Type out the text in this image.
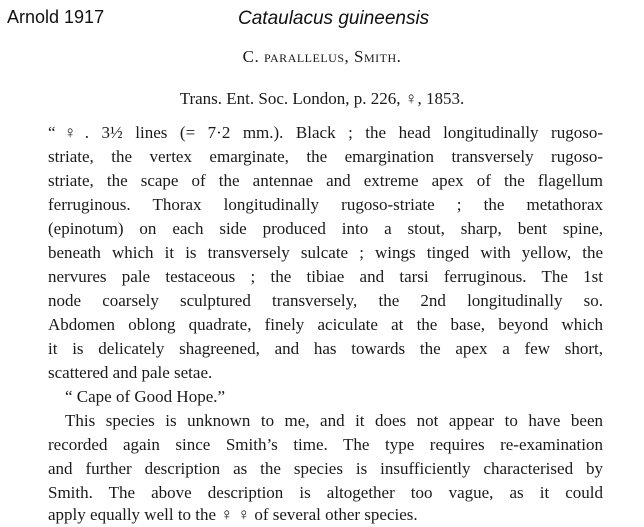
Arnold 1917	Cataulacus guineensis
C. parallelus, Smith.
Trans. Ent. Soc. London, p. 226, ♀, 1853.
“♀. 3½ lines (= 7·2 mm.). Black ; the head longitudinally rugoso-
striate, the vertex emarginate, the emargination transversely rugoso-
striate, the scape of the antennae and extreme apex of the flagellum
ferruginous. Thorax longitudinally rugoso-striate ; the metathorax
(epinotum) on each side produced into a stout, sharp, bent spine,
beneath which it is transversely sulcate ; wings tinged with yellow, the
nervures pale testaceous ; the tibiae and tarsi ferruginous. The 1st
node coarsely sculptured transversely, the 2nd longitudinally so.
Abdomen oblong quadrate, finely aciculate at the base, beyond which
it is delicately shagreened, and has towards the apex a few short,
scattered and pale setae.
“ Cape of Good Hope.”
This species is unknown to me, and it does not appear to have been
recorded again since Smith’s time. The type requires re-examination
and further description as the species is insufficiently characterised by
Smith. The above description is altogether too vague, as it could
apply equally well to the ♀ ♀ of several other species.
